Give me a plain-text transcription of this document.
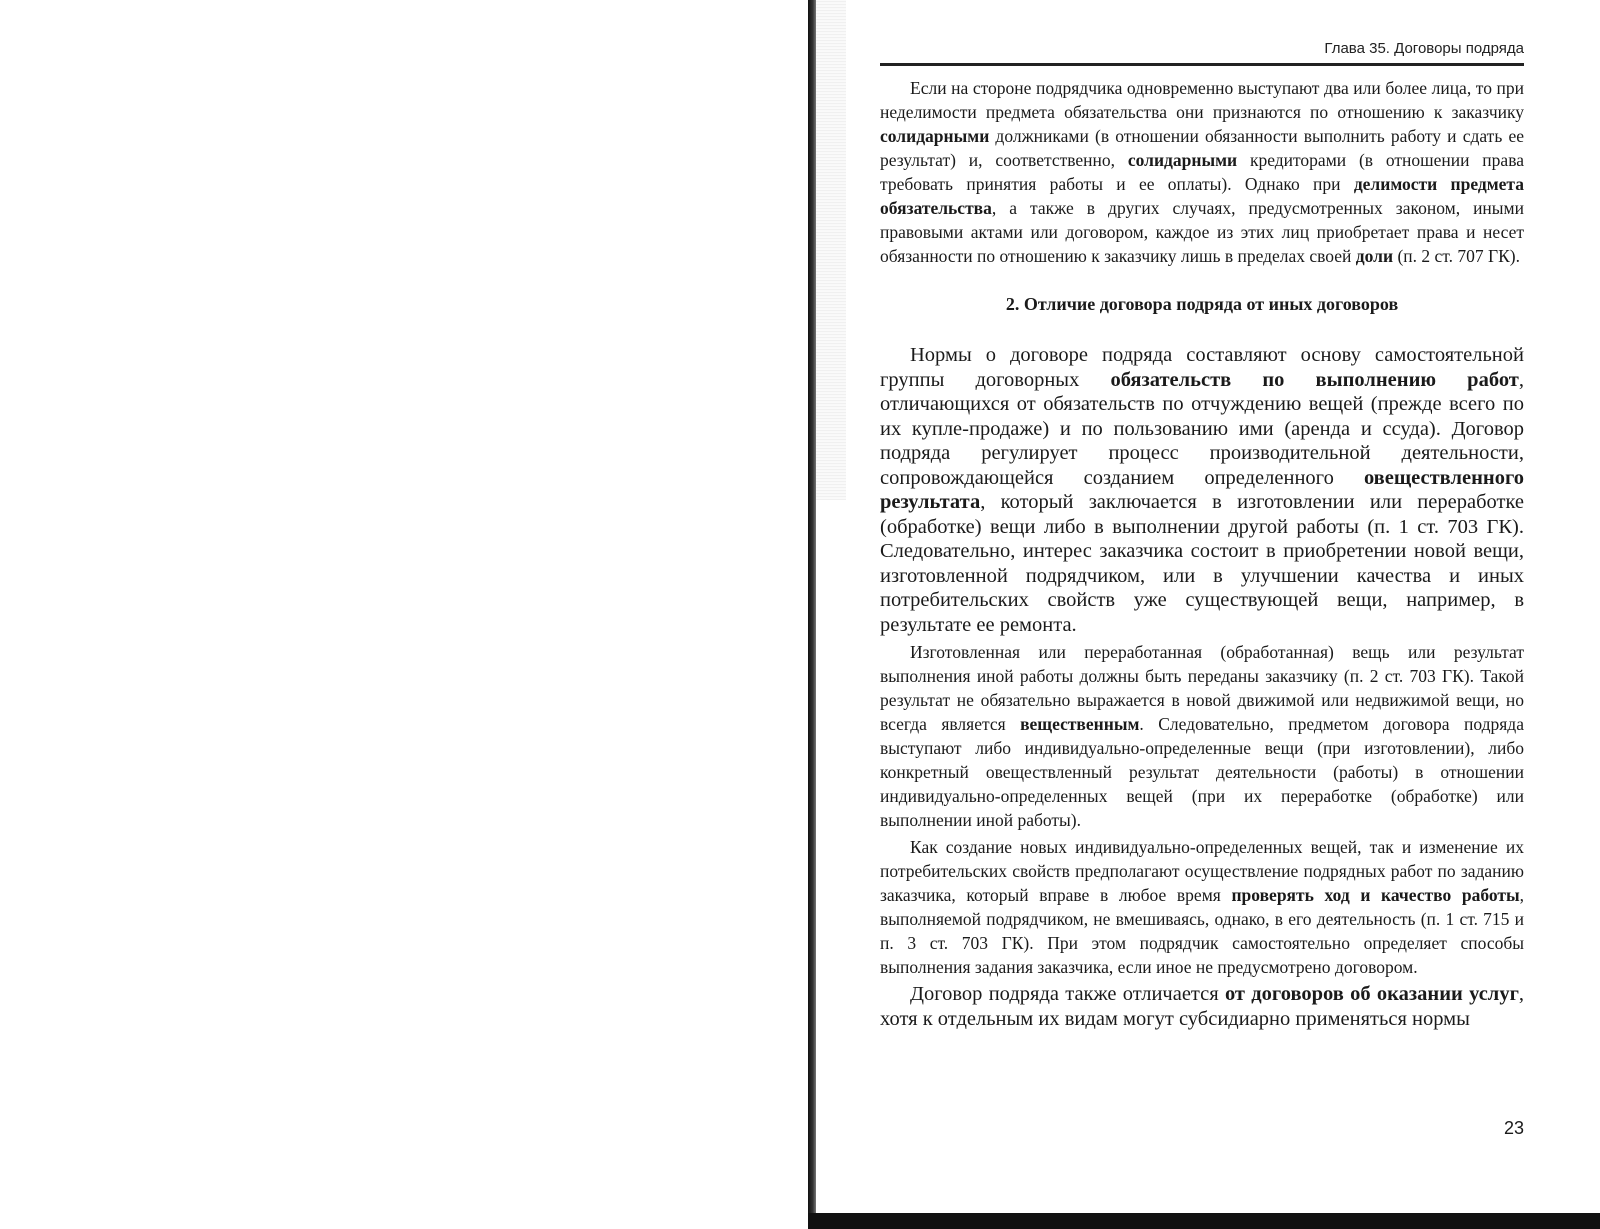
Глава 35. Договоры подряда

Если на стороне подрядчика одновременно выступают два или более лица, то при неделимости предмета обязательства они признаются по отношению к заказчику солидарными должниками (в отношении обязанности выполнить работу и сдать ее результат) и, соответственно, солидарными кредиторами (в отношении права требовать принятия работы и ее оплаты). Однако при делимости предмета обязательства, а также в других случаях, предусмотренных законом, иными правовыми актами или договором, каждое из этих лиц приобретает права и несет обязанности по отношению к заказчику лишь в пределах своей доли (п. 2 ст. 707 ГК).

2. Отличие договора подряда от иных договоров

Нормы о договоре подряда составляют основу самостоятельной группы договорных обязательств по выполнению работ, отличающихся от обязательств по отчуждению вещей (прежде всего по их купле-продаже) и по пользованию ими (аренда и ссуда). Договор подряда регулирует процесс производительной деятельности, сопровождающейся созданием определенного овеществленного результата, который заключается в изготовлении или переработке (обработке) вещи либо в выполнении другой работы (п. 1 ст. 703 ГК). Следовательно, интерес заказчика состоит в приобретении новой вещи, изготовленной подрядчиком, или в улучшении качества и иных потребительских свойств уже существующей вещи, например, в результате ее ремонта.

Изготовленная или переработанная (обработанная) вещь или результат выполнения иной работы должны быть переданы заказчику (п. 2 ст. 703 ГК). Такой результат не обязательно выражается в новой движимой или недвижимой вещи, но всегда является вещественным. Следовательно, предметом договора подряда выступают либо индивидуально-определенные вещи (при изготовлении), либо конкретный овеществленный результат деятельности (работы) в отношении индивидуально-определенных вещей (при их переработке (обработке) или выполнении иной работы).

Как создание новых индивидуально-определенных вещей, так и изменение их потребительских свойств предполагают осуществление подрядных работ по заданию заказчика, который вправе в любое время проверять ход и качество работы, выполняемой подрядчиком, не вмешиваясь, однако, в его деятельность (п. 1 ст. 715 и п. 3 ст. 703 ГК). При этом подрядчик самостоятельно определяет способы выполнения задания заказчика, если иное не предусмотрено договором.

Договор подряда также отличается от договоров об оказании услуг, хотя к отдельным их видам могут субсидиарно применяться нормы

23
